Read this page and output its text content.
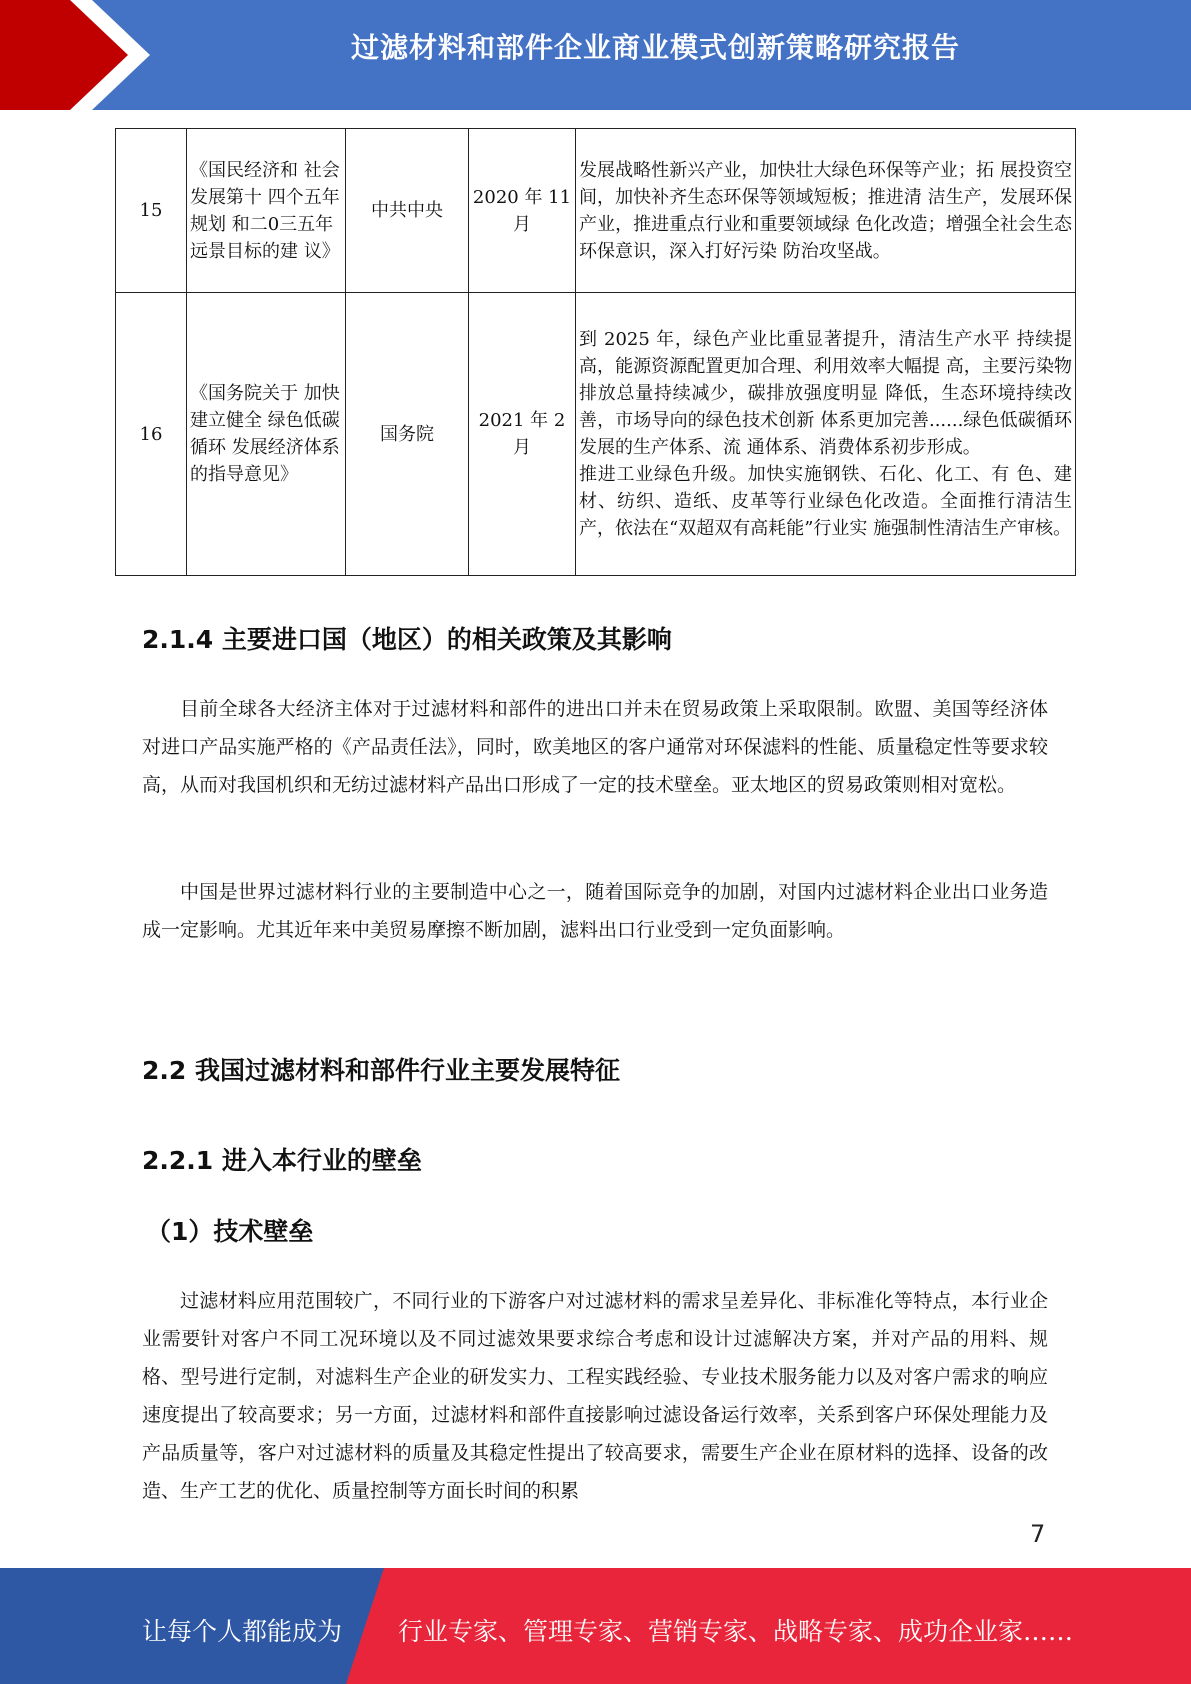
过滤材料和部件企业商业模式创新策略研究报告
15	《国民经济和 社会发展第十 四个五年规划 和二0三五年 远景目标的建 议》	中共中央	2020 年 11 月	发展战略性新兴产业，加快壮大绿色环保等产业；拓 展投资空间，加快补齐生态环保等领域短板；推进清 洁生产，发展环保产业，推进重点行业和重要领域绿 色化改造；增强全社会生态环保意识，深入打好污染 防治攻坚战。

16	《国务院关于 加快建立健全 绿色低碳循环 发展经济体系 的指导意见》	国务院	2021 年 2 月	到 2025 年，绿色产业比重显著提升，清洁生产水平 持续提高，能源资源配置更加合理、利用效率大幅提 高，主要污染物排放总量持续减少，碳排放强度明显 降低，生态环境持续改善，市场导向的绿色技术创新 体系更加完善......绿色低碳循环发展的生产体系、流 通体系、消费体系初步形成。

推进工业绿色升级。加快实施钢铁、石化、化工、有 色、建材、纺织、造纸、皮革等行业绿色化改造。全面推行清洁生产，依法在“双超双有高耗能”行业实 施强制性清洁生产审核。

2.1.4 主要进口国（地区）的相关政策及其影响

目前全球各大经济主体对于过滤材料和部件的进出口并未在贸易政策上采取限制。欧盟、美国等经济体对进口产品实施严格的《产品责任法》，同时，欧美地区的客户通常对环保滤料的性能、质量稳定性等要求较高，从而对我国机织和无纺过滤材料产品出口形成了一定的技术壁垒。亚太地区的贸易政策则相对宽松。

中国是世界过滤材料行业的主要制造中心之一，随着国际竞争的加剧，对国内过滤材料企业出口业务造成一定影响。尤其近年来中美贸易摩擦不断加剧，滤料出口行业受到一定负面影响。

2.2 我国过滤材料和部件行业主要发展特征
2.2.1 进入本行业的壁垒
（1）技术壁垒

过滤材料应用范围较广，不同行业的下游客户对过滤材料的需求呈差异化、非标准化等特点，本行业企业需要针对客户不同工况环境以及不同过滤效果要求综合考虑和设计过滤解决方案，并对产品的用料、规格、型号进行定制，对滤料生产企业的研发实力、工程实践经验、专业技术服务能力以及对客户需求的响应速度提出了较高要求；另一方面，过滤材料和部件直接影响过滤设备运行效率，关系到客户环保处理能力及产品质量等，客户对过滤材料的质量及其稳定性提出了较高要求，需要生产企业在原材料的选择、设备的改造、生产工艺的优化、质量控制等方面长时间的积累

7
让每个人都能成为 行业专家、管理专家、营销专家、战略专家、成功企业家……
